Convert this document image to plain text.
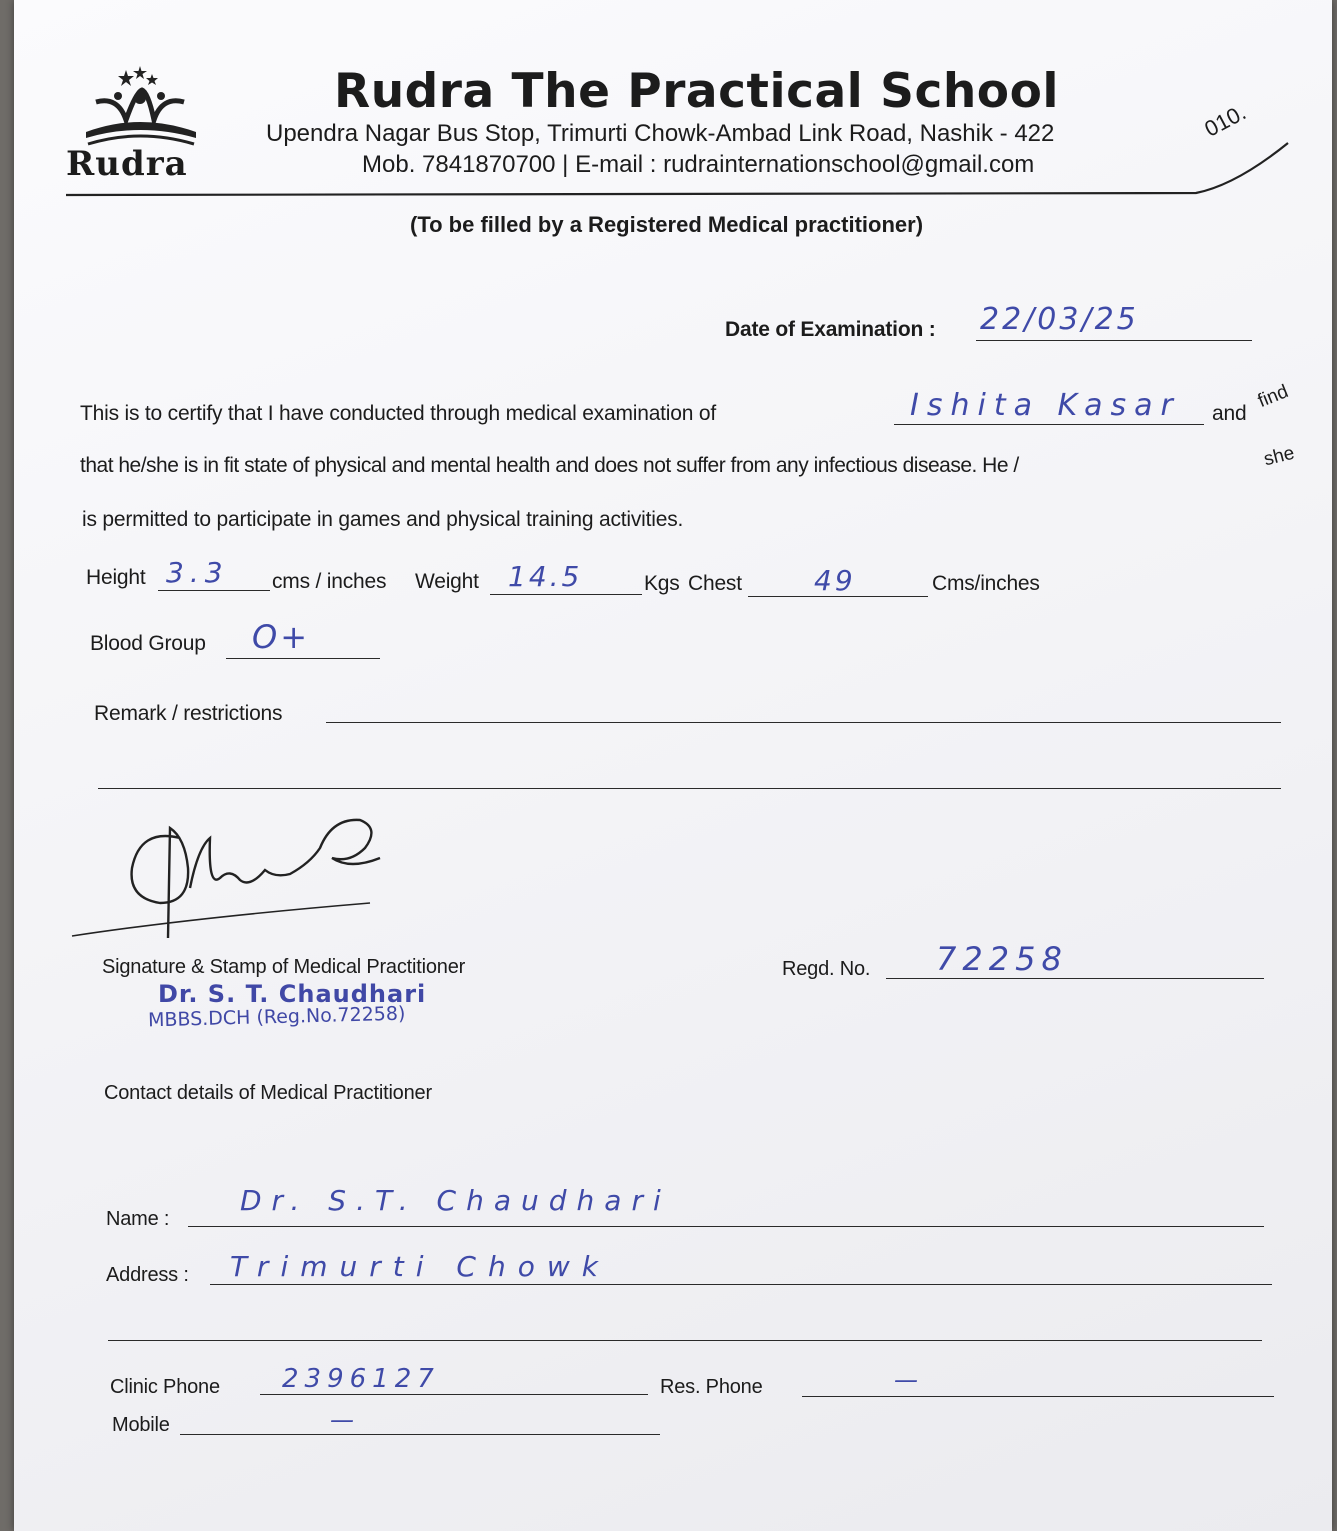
Rudra
Rudra The Practical School
Upendra Nagar Bus Stop, Trimurti Chowk-Ambad Link Road, Nashik - 422	010.
Mob. 7841870700 | E-mail : rudrainternationschool@gmail.com
(To be filled by a Registered Medical practitioner)
Date of Examination : 22/03/25
This is to certify that I have conducted through medical examination of	Ishita Kasar and
find
that he/she is in fit state of physical and mental health and does not suffer from any infectious disease. He /	she
is permitted to participate in games and physical training activities.
Height 3.3 cms / inches Weight 14.5	Kgs Chest	49	Cms/inches
Blood Group O+
Remark / restrictions
Signature & Stamp of Medical Practitioner	Regd. No. 72258
Dr. S. T. Chaudhari
MBBS.DCH (Reg.No.72258)
Contact details of Medical Practitioner
Name :
Dr. S.T. Chaudhari
Address : Trimurti Chowk
Clinic Phone 2396127	Res. Phone	—
Mobile	—
